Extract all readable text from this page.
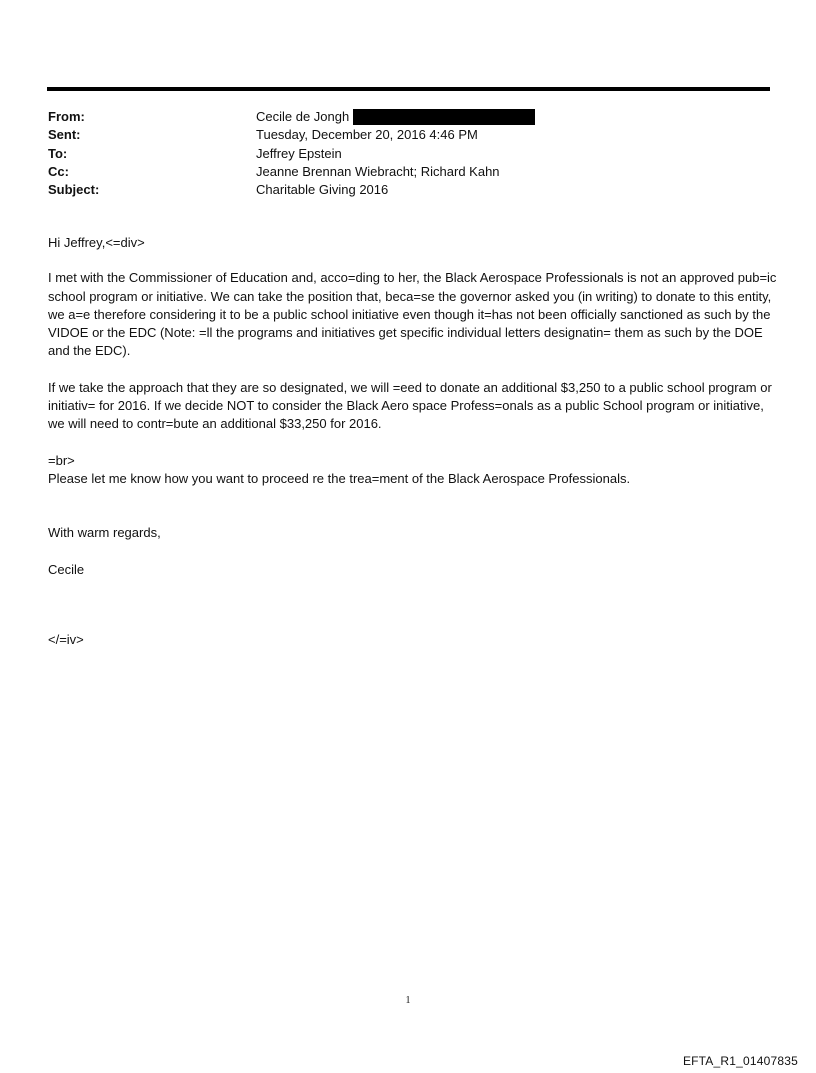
From:	Cecile de Jongh
Sent:	Tuesday, December 20, 2016 4:46 PM
To:	Jeffrey Epstein
Cc:	Jeanne Brennan Wiebracht; Richard Kahn
Subject:	Charitable Giving 2016

Hi Jeffrey,<=div>

I met with the Commissioner of Education and, acco=ding to her, the Black Aerospace Professionals is not an approved pub=ic school program or initiative. We can take the position that, beca=se the governor asked you (in writing) to donate to this entity, we a=e therefore considering it to be a public school initiative even though it=has not been officially sanctioned as such by the VIDOE or the EDC (Note: =ll the programs and initiatives get specific individual letters designatin= them as such by the DOE and the EDC).

If we take the approach that they are so designated, we will =eed to donate an additional $3,250 to a public school program or initiativ= for 2016. If we decide NOT to consider the Black Aero space Profess=onals as a public School program or initiative, we will need to contr=bute an additional $33,250 for 2016.

=br>

Please let me know how you want to proceed re the trea=ment of the Black Aerospace Professionals.

With warm regards,

Cecile

</=iv>

1
EFTA_R1_01407835
